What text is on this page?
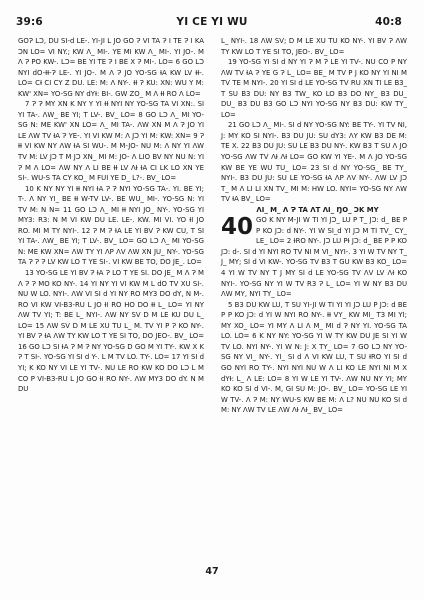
39:6	YI CE YI WU	40:8

GOɁ LƆ, DU SI-d LE-. YI-JI L JO GO Ɂ VI TA Ɂ I TE Ɂ I KA ƆN LO= VI NY.; KW Ʌ_ MI-. YE MI KW Ʌ_ MI-. YI JO-. M Ʌ Ɂ PO KW-. LƆ= BE YI TE Ɂ I BE X Ɂ MI-. LO= 6 GO LƆ NYI dO-ƗƗ-Ɂ LE-. YI JO-. M Ʌ Ɂ JO YO-SG ƗA KW LV ƗƗ-. LO= CƗ CI CY Z DU. LE: M: Ʌ NY-. ƗƗ Ɂ KU: XN: WU Y M: KW' XN= YO-SG NY dYƗ: BI-. GW ZO_ M Ʌ ƗƗ RO Ʌ LO=

7 Ɂ Ɂ MY XN K NY Y YI ƗƗ NYI NY YO-SG TA VI XN:. SI YI TA-. ɅW_ BE YI; T LV-. BV_ LO= 8 GO LƆ Ʌ_ MI YO-SG N: ME KW' XN LO= Ʌ_ MI TA-. ɅW XN M Ʌ Ɂ JO YI LE ɅW TV ƗA Ɂ YE-. YI VI KW M: Ʌ JƆ YI M: KW: XN= 9 Ɂ ƗƗ VI KW NY ɅW ƗA SI WU-. M M-JO- NU M: Ʌ NY YI ɅW TV M: LV JƆ T M JƆ XN_ MI M: JO- Ʌ LIO BV NY NU N: YI Ɂ M Ʌ LO= ɅW NY Ʌ LI BE ƗƗ LV ɅƗ ƗA CI LK LO XN YE SI-. WU-S TA CY KO_ M FUI YE D_ L?-. BV_ LO=

10 K NY NY YI ƗƗ NYI ƗA Ɂ Ɂ NYI YO-SG TA-. YI. BE YI; T-. Ʌ NY YI_ BE ƗƗ W-TV LV-. BE WU_ MI-. YO-SG N: YI TV M: N N= 11 GO LƆ Ʌ_ MI ƗƗ NYI JO_ NY-. YO-SG YI MY3: R3: N M VI KW DU LE. LE-. KW. MI VI. YO ƗI JO RO. MI M TY NYI-. 12 Ɂ M Ɂ ƗA LE YI BV Ɂ KW CU, T SI YI TA-. ɅW_ BE YI; T LV-. BV_ LO= GO LƆ Ʌ_ MI YO-SG N: ME KW XN= ɅW TY YI ɅP ɅV ɅW XN JU_ NY-. YO-SG TA Ɂ Ɂ Ɂ LV KW LO T YE SI-. VI KW BE TO, DO JE_. LO=

13 YO-SG LE YI BV Ɂ ƗA Ɂ LO T YE SI. DO JE_ M Ʌ Ɂ M Ʌ Ɂ Ɂ MO KO NY-. 14 YI NY YI VI KW M L dO TV XU SI-. NU W LO. NYI-. ɅW VI SI d YI NY RO MY3 DO dY, N M-. RO VI KW VI-B3-RU L JO ƗI RO HO DO ƗƗ L_ LO= YI NY ɅW TV YI; T: BE L_ NYI-. ɅW NY SV D M LE KU DU L_ LO= 15 ɅW SV D M LE XU TU L_ M. TV YI P Ɂ KO NY-. YI BV Ɂ ƗA ɅW TY KW LO T YE SI TO, DO JEO-. BV_ LO= 16 GO LƆ SI ƗA Ɂ M Ɂ NY YO-SG D GO M YI TY-. KW X K Ɂ T SI-. YO-SG YI SI d Y-. L M TV LO. TY-. LO= 17 YI SI d YI; K KO NY VI LE YI TV-. NU LE RO KW KO DO LƆ L M CO P VI-B3-RU L JO GO ƗI RO NY-. ɅW MY3 DO dY. N M DU

L_ NYI-. 18 ɅW SV; D M LE XU TU KO NY-. YI BV Ɂ ɅW TY KW LO T YE SI TO, JEO-. BV_ LO=

19 YO-SG YI SI d NY YI Ɂ M Ɂ LE YI TV-. NU CO P NY ɅW TV ƗA Ɂ YE G Ɂ L_ LO= BE_ M TV P J KO NY YI NI M TV TE M NYI-. 20 YI SI d LE YO-SG TV RU XN TI LE B3_ T SU B3 DU: NY B3 TW_ KO LO B3 DO NY_ B3 DU_ DU_ B3 DU B3 GO LƆ NYI YO-SG NY B3 DU: KW TY_ LO=

21 GO LƆ Ʌ_ MI-. SI d NY YO-SG NY: BE TY-. YI TV NI, J: MY KO SI NYI-. B3 DU JU: SU dY3: ɅY KW B3 DE M: TE X. 22 B3 DU JU: SU LE B3 DU NY-. KW B3 T SU Ʌ JO YO-SG ɅW TV ɅƗ ɅƗ LO= GO KW YI YE-. M Ʌ JO YO-SG KW BE YE WU TU_ LO= 23 SI d NY YO-SG_ BE TY_ NYI-. B3 DU JU: SU LE YO-SG ƗA ɅP ɅV NY-. ɅW LV JƆ T_ M Ʌ LI LI XN TV_ MI M: HW LO. NYI= YO-SG NY ɅW TV ƗA BV_ LO=

ɅI_ M_ Ʌ Ɂ TA ɅT ɅI_ ŊO_ ƆK MY

40 GO K NY M-JI W TI YI JƆ_ LU P T_ JƆ: d_ BE P P KO JƆ: d NY-. YI W SI_d YI JƆ M TI TV_ CY_ LE_ LO= 2 ƗRO NY-. JƆ LU PƗ JƆ: d_ BE P P KO JƆ: d-. SI d YI NYI RO TV NI M VI_ NYI-. 3 YI W TV NY T_ J_ MY; SI d VI KW-. YO-SG TV B3 T GU KW B3 KO_ LO= 4 YI W TV NY T J MY SI d LE YO-SG TV ɅV LV ɅƗ KO NYI-. YO-SG NY YI W TV R3 Ɂ L_ LO= YI W NY B3 DU ɅW MY, NYI TY_ LO=

5 B3 DU KW LU, T SU YI-JI W TI YI YI JƆ LU P JƆ: d BE P P KO JƆ: d YI W NYI RO NY-. ƗƗ VY_ KW MI_ T3 MI YI; MY XO_ LO= YI MY Ʌ LI Ʌ M_ MI d Ɂ NY YI. YO-SG TA LO. LO= 6 K NY NY: YO-SG YI W TY KW DU JE SI YI W TV LO. NYI NY-. YI W N: J: X TY_ LO= 7 GO LƆ NY YO-SG NY VI_ NY-. YI_ SI d Ʌ VI KW LU, T SU ƗRO YI SI d GO NYI RO TY-. NYI NYI NU W Ʌ LI KO LE NYI NI M X dYƗ: L_ Ʌ LE: LO= 8 YI W LE YI TV-. ɅW NU NY YI; MY KO KO SI d VI-. M, GI SU M: JO-. BV_ LO= YO-SG LE YI W TV-. Ʌ Ɂ M: NY WU-S KW BE M: Ʌ L? NU NU KO SI d M: NY ɅW TV LE ɅW ɅƗ ɅƗ_ BV_ LO=

47
